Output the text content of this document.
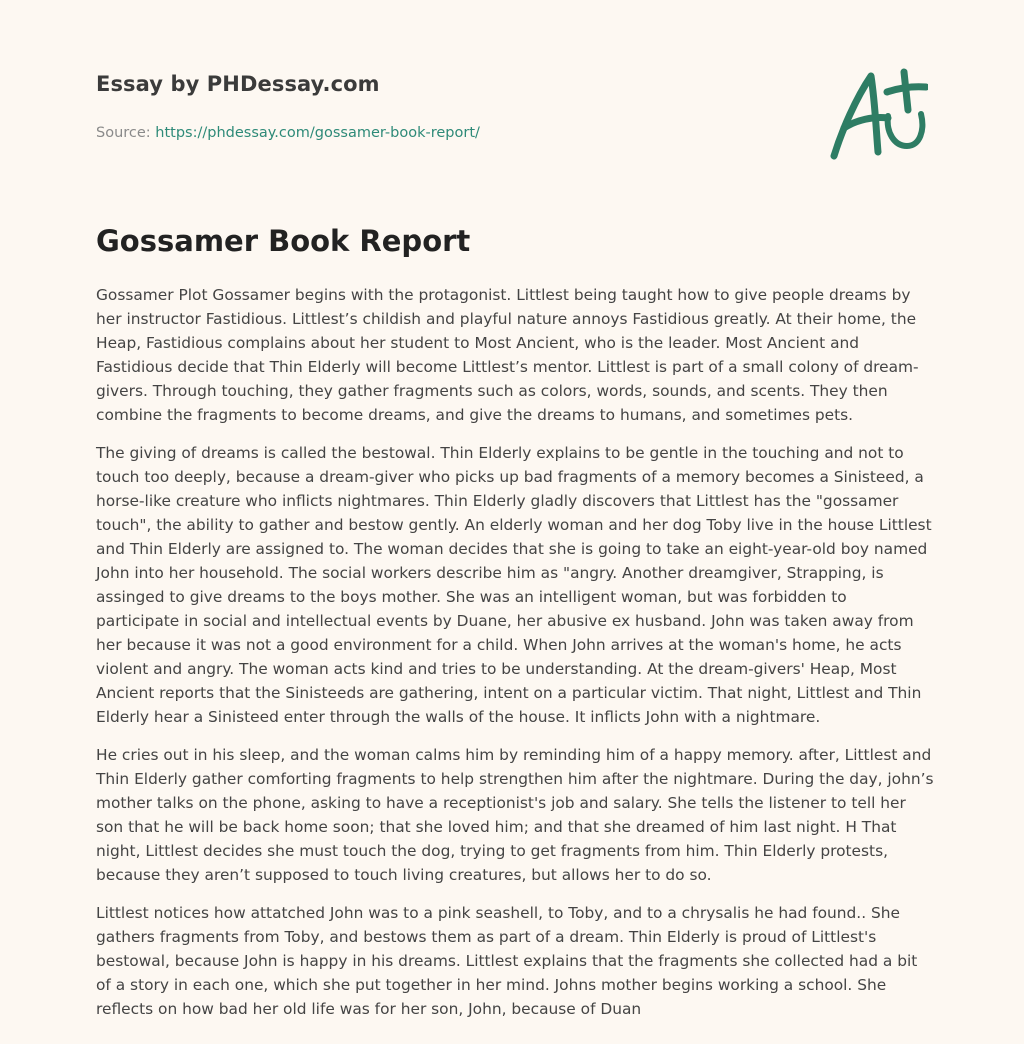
Essay by PHDessay.com
Source: https://phdessay.com/gossamer-book-report/
Gossamer Book Report

Gossamer Plot Gossamer begins with the protagonist. Littlest being taught how to give people dreams by her instructor Fastidious. Littlest’s childish and playful nature annoys Fastidious greatly. At their home, the Heap, Fastidious complains about her student to Most Ancient, who is the leader. Most Ancient and Fastidious decide that Thin Elderly will become Littlest’s mentor. Littlest is part of a small colony of dream-givers. Through touching, they gather fragments such as colors, words, sounds, and scents. They then combine the fragments to become dreams, and give the dreams to humans, and sometimes pets.

The giving of dreams is called the bestowal. Thin Elderly explains to be gentle in the touching and not to touch too deeply, because a dream-giver who picks up bad fragments of a memory becomes a Sinisteed, a horse-like creature who inflicts nightmares. Thin Elderly gladly discovers that Littlest has the "gossamer touch", the ability to gather and bestow gently. An elderly woman and her dog Toby live in the house Littlest and Thin Elderly are assigned to. The woman decides that she is going to take an eight-year-old boy named John into her household. The social workers describe him as "angry. Another dreamgiver, Strapping, is assinged to give dreams to the boys mother. She was an intelligent woman, but was forbidden to participate in social and intellectual events by Duane, her abusive ex husband. John was taken away from her because it was not a good environment for a child. When John arrives at the woman's home, he acts violent and angry. The woman acts kind and tries to be understanding. At the dream-givers' Heap, Most Ancient reports that the Sinisteeds are gathering, intent on a particular victim. That night, Littlest and Thin Elderly hear a Sinisteed enter through the walls of the house. It inflicts John with a nightmare.

He cries out in his sleep, and the woman calms him by reminding him of a happy memory. after, Littlest and Thin Elderly gather comforting fragments to help strengthen him after the nightmare. During the day, john’s mother talks on the phone, asking to have a receptionist's job and salary. She tells the listener to tell her son that he will be back home soon; that she loved him; and that she dreamed of him last night. H That night, Littlest decides she must touch the dog, trying to get fragments from him. Thin Elderly protests, because they aren’t supposed to touch living creatures, but allows her to do so.

Littlest notices how attatched John was to a pink seashell, to Toby, and to a chrysalis he had found.. She gathers fragments from Toby, and bestows them as part of a dream. Thin Elderly is proud of Littlest's bestowal, because John is happy in his dreams. Littlest explains that the fragments she collected had a bit of a story in each one, which she put together in her mind. Johns mother begins working a school. She reflects on how bad her old life was for her son, John, because of Duan
